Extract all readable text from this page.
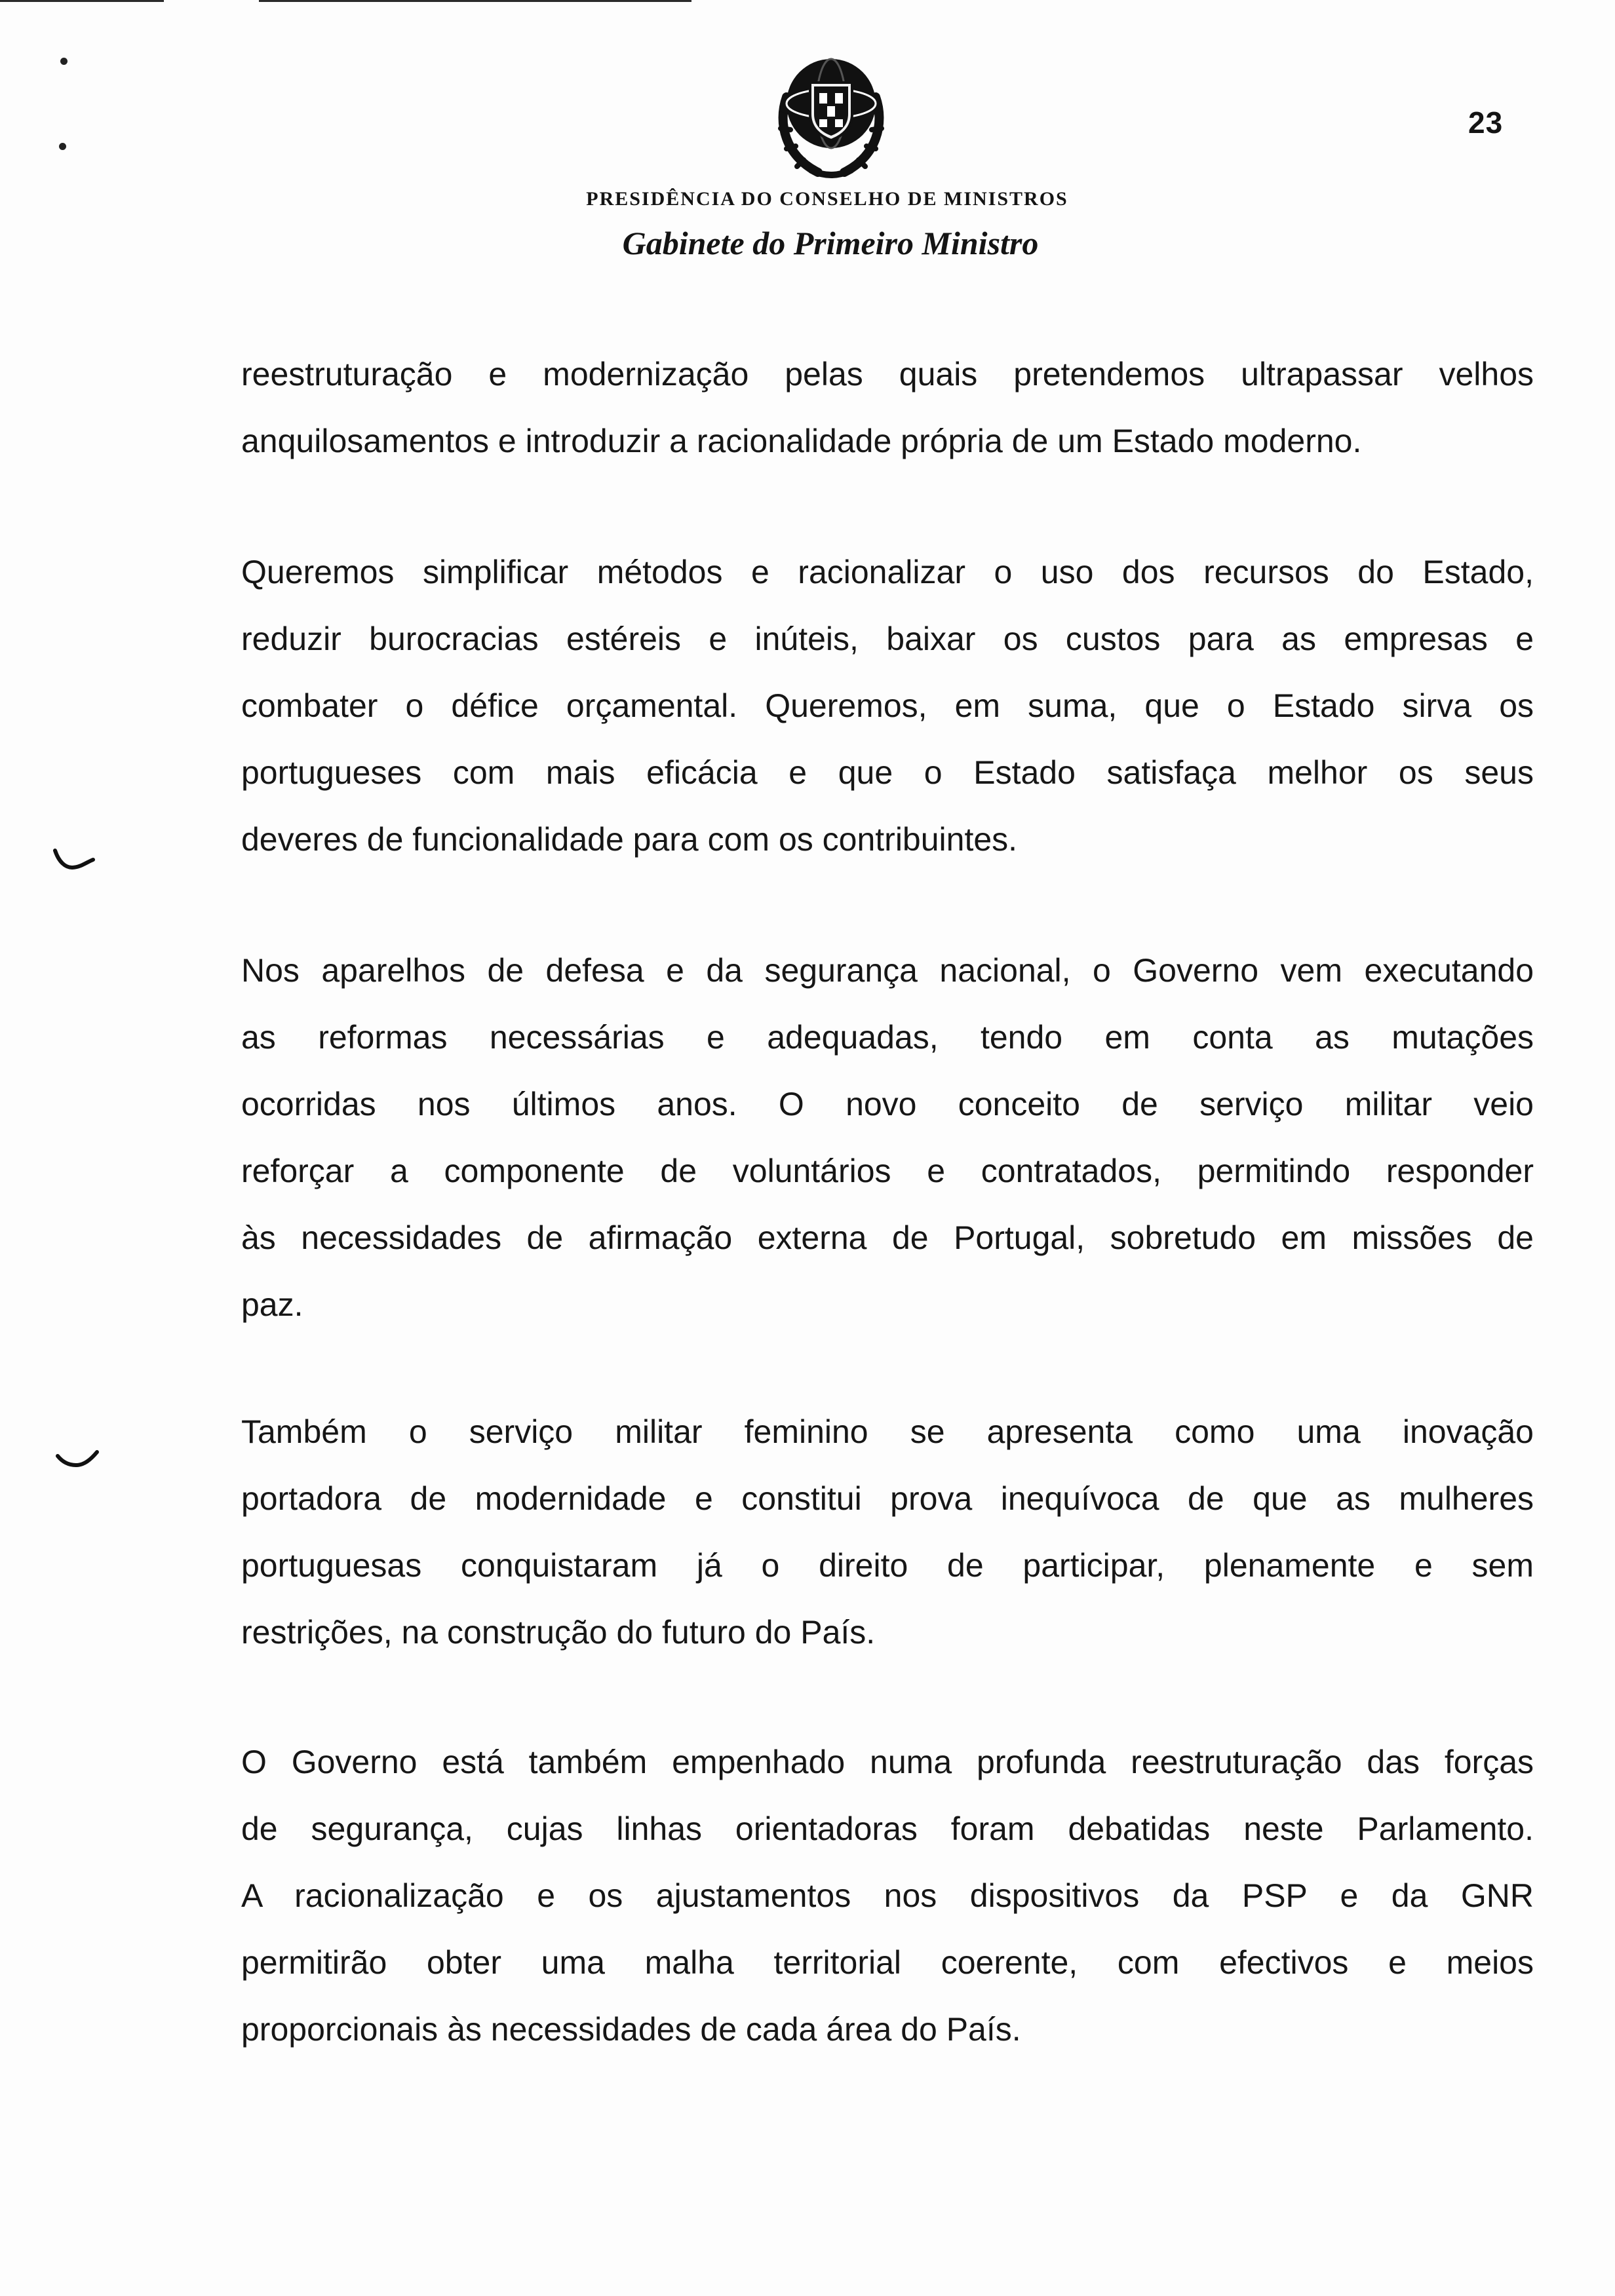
23
PRESIDÊNCIA DO CONSELHO DE MINISTROS
Gabinete do Primeiro Ministro
reestruturação e modernização pelas quais pretendemos ultrapassar velhos
anquilosamentos e introduzir a racionalidade própria de um Estado moderno.
Queremos simplificar métodos e racionalizar o uso dos recursos do Estado,
reduzir burocracias estéreis e inúteis, baixar os custos para as empresas e
combater o défice orçamental. Queremos, em suma, que o Estado sirva os
portugueses com mais eficácia e que o Estado satisfaça melhor os seus
deveres de funcionalidade para com os contribuintes.
Nos aparelhos de defesa e da segurança nacional, o Governo vem executando
as reformas necessárias e adequadas, tendo em conta as mutações
ocorridas nos últimos anos. O novo conceito de serviço militar veio
reforçar a componente de voluntários e contratados, permitindo responder
às necessidades de afirmação externa de Portugal, sobretudo em missões de
paz.
Também o serviço militar feminino se apresenta como uma inovação
portadora de modernidade e constitui prova inequívoca de que as mulheres
portuguesas conquistaram já o direito de participar, plenamente e sem
restrições, na construção do futuro do País.
O Governo está também empenhado numa profunda reestruturação das forças
de segurança, cujas linhas orientadoras foram debatidas neste Parlamento.
A racionalização e os ajustamentos nos dispositivos da PSP e da GNR
permitirão obter uma malha territorial coerente, com efectivos e meios
proporcionais às necessidades de cada área do País.
